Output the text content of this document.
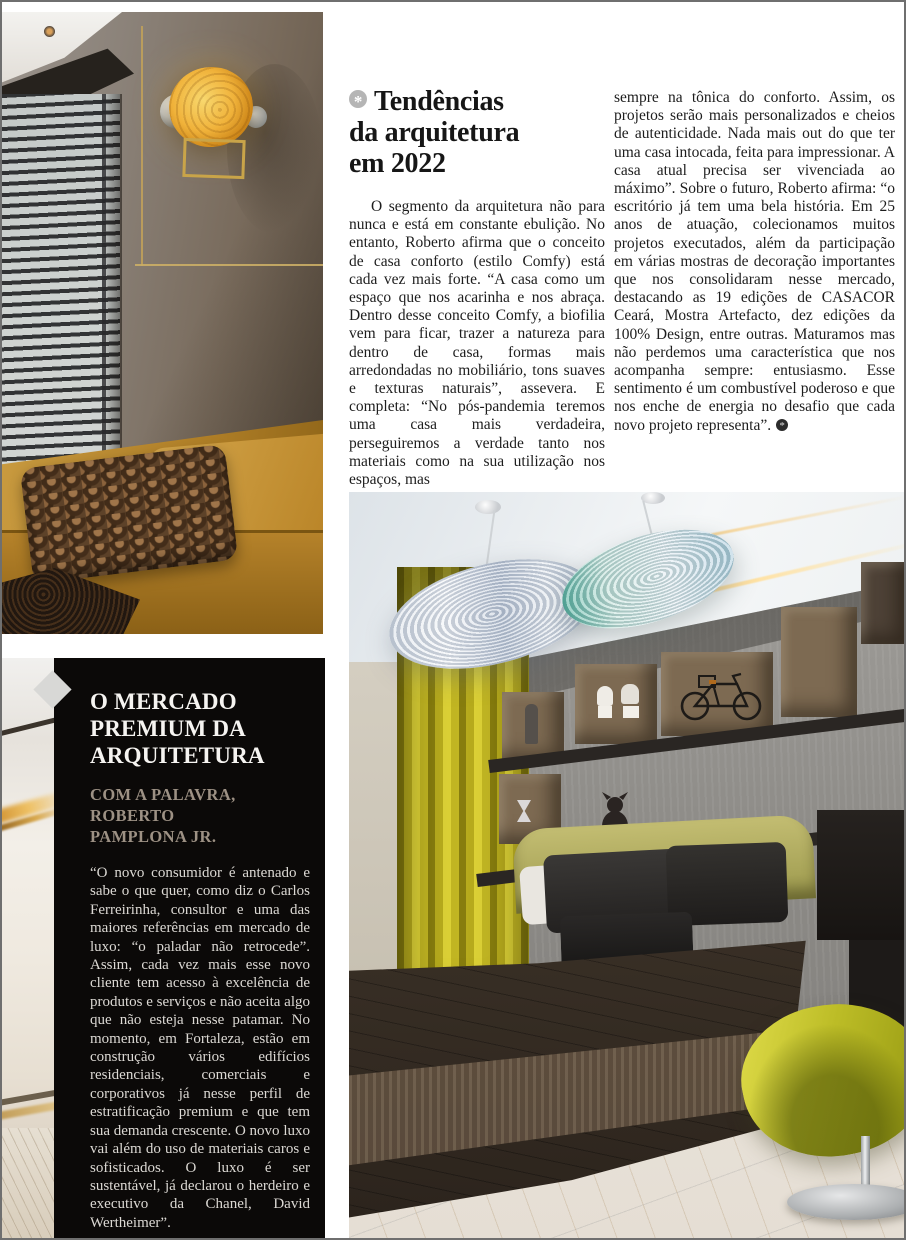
* Tendências
da arquitetura
em 2022

O segmento da arquitetura não para nunca e está em constante ebulição. No entanto, Roberto afirma que o conceito de casa conforto (estilo Comfy) está cada vez mais forte. “A casa como um espaço que nos acarinha e nos abraça. Dentro desse conceito Comfy, a biofilia vem para ficar, trazer a natureza para dentro de casa, formas mais arredondadas no mobiliário, tons suaves e texturas naturais”, assevera. E completa: “No pós-pandemia teremos uma casa mais verdadeira, perseguiremos a verdade tanto nos materiais como na sua utilização nos espaços, mas

sempre na tônica do conforto. Assim, os projetos serão mais personalizados e cheios de autenticidade. Nada mais out do que ter uma casa intocada, feita para impressionar. A casa atual precisa ser vivenciada ao máximo”. Sobre o futuro, Roberto afirma: “o escritório já tem uma bela história. Em 25 anos de atuação, colecionamos muitos projetos executados, além da participação em várias mostras de decoração importantes que nos consolidaram nesse mercado, destacando as 19 edições de CASACOR Ceará, Mostra Artefacto, dez edições da 100% Design, entre outras. Maturamos mas não perdemos uma característica que nos acompanha sempre: entusiasmo. Esse sentimento é um combustível poderoso e que nos enche de energia no desafio que cada novo projeto representa”. *

O MERCADO
PREMIUM DA
ARQUITETURA
COM A PALAVRA,
ROBERTO
PAMPLONA JR.

“O novo consumidor é antenado e sabe o que quer, como diz o Carlos Ferreirinha, consultor e uma das maiores referências em mercado de luxo: “o paladar não retrocede”. Assim, cada vez mais esse novo cliente tem acesso à excelência de produtos e serviços e não aceita algo que não esteja nesse patamar. No momento, em Fortaleza, estão em construção vários edifícios residenciais, comerciais e corporativos já nesse perfil de estratificação premium e que tem sua demanda crescente. O novo luxo vai além do uso de materiais caros e sofisticados. O luxo é ser sustentável, já declarou o herdeiro e executivo da Chanel, David Wertheimer”.
